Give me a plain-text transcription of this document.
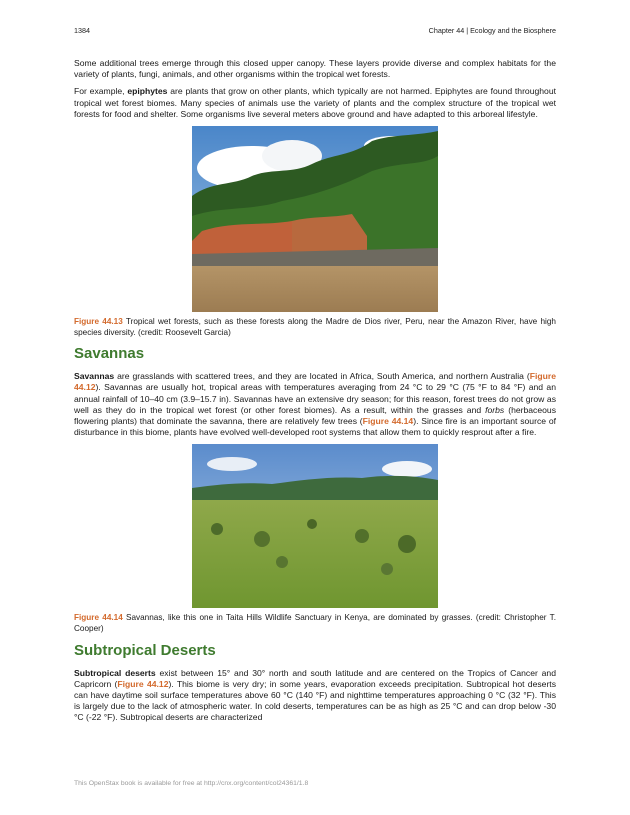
1384	Chapter 44 | Ecology and the Biosphere

Some additional trees emerge through this closed upper canopy. These layers provide diverse and complex habitats for the variety of plants, fungi, animals, and other organisms within the tropical wet forests.

For example, epiphytes are plants that grow on other plants, which typically are not harmed. Epiphytes are found throughout tropical wet forest biomes. Many species of animals use the variety of plants and the complex structure of the tropical wet forests for food and shelter. Some organisms live several meters above ground and have adapted to this arboreal lifestyle.

Figure 44.13 Tropical wet forests, such as these forests along the Madre de Dios river, Peru, near the Amazon River, have high species diversity. (credit: Roosevelt Garcia)

Savannas

Savannas are grasslands with scattered trees, and they are located in Africa, South America, and northern Australia (Figure 44.12). Savannas are usually hot, tropical areas with temperatures averaging from 24 °C to 29 °C (75 °F to 84 °F) and an annual rainfall of 10–40 cm (3.9–15.7 in). Savannas have an extensive dry season; for this reason, forest trees do not grow as well as they do in the tropical wet forest (or other forest biomes). As a result, within the grasses and forbs (herbaceous flowering plants) that dominate the savanna, there are relatively few trees (Figure 44.14). Since fire is an important source of disturbance in this biome, plants have evolved well-developed root systems that allow them to quickly resprout after a fire.

Figure 44.14 Savannas, like this one in Taita Hills Wildlife Sanctuary in Kenya, are dominated by grasses. (credit: Christopher T. Cooper)

Subtropical Deserts

Subtropical deserts exist between 15° and 30° north and south latitude and are centered on the Tropics of Cancer and Capricorn (Figure 44.12). This biome is very dry; in some years, evaporation exceeds precipitation. Subtropical hot deserts can have daytime soil surface temperatures above 60 °C (140 °F) and nighttime temperatures approaching 0 °C (32 °F). This is largely due to the lack of atmospheric water. In cold deserts, temperatures can be as high as 25 °C and can drop below -30 °C (-22 °F). Subtropical deserts are characterized

This OpenStax book is available for free at http://cnx.org/content/col24361/1.8
